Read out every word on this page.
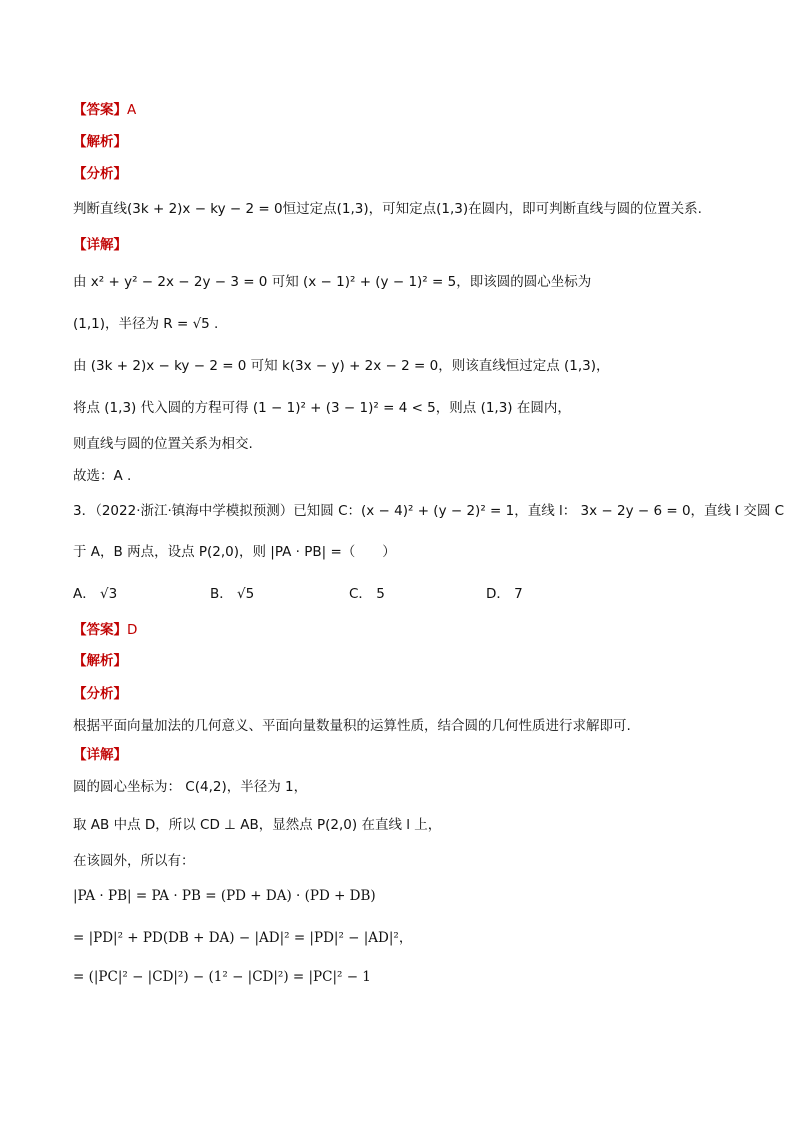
【答案】A
【解析】
【分析】
判断直线(3k + 2)x − ky − 2 = 0恒过定点(1,3)，可知定点(1,3)在圆内，即可判断直线与圆的位置关系.
【详解】
由 x² + y² − 2x − 2y − 3 = 0 可知 (x − 1)² + (y − 1)² = 5，即该圆的圆心坐标为
(1,1)，半径为 R = √5 .
由 (3k + 2)x − ky − 2 = 0 可知 k(3x − y) + 2x − 2 = 0，则该直线恒过定点 (1,3)，
将点 (1,3) 代入圆的方程可得 (1 − 1)² + (3 − 1)² = 4 < 5，则点 (1,3) 在圆内，
则直线与圆的位置关系为相交.
故选：A .
3．（2022·浙江·镇海中学模拟预测）已知圆 C：(x − 4)² + (y − 2)² = 1，直线 l： 3x − 2y − 6 = 0，直线 l 交圆 C
于 A，B 两点，设点 P(2,0)，则 |PA · PB| =（　　）
A． √3	B． √5	C． 5	D． 7
【答案】D
【解析】
【分析】
根据平面向量加法的几何意义、平面向量数量积的运算性质，结合圆的几何性质进行求解即可.
【详解】
圆的圆心坐标为： C(4,2)，半径为 1，
取 AB 中点 D，所以 CD ⊥ AB，显然点 P(2,0) 在直线 l 上，
在该圆外，所以有：
|PA · PB| = PA · PB = (PD + DA) · (PD + DB)
= |PD|² + PD(DB + DA) − |AD|² = |PD|² − |AD|²，
= (|PC|² − |CD|²) − (1² − |CD|²) = |PC|² − 1
